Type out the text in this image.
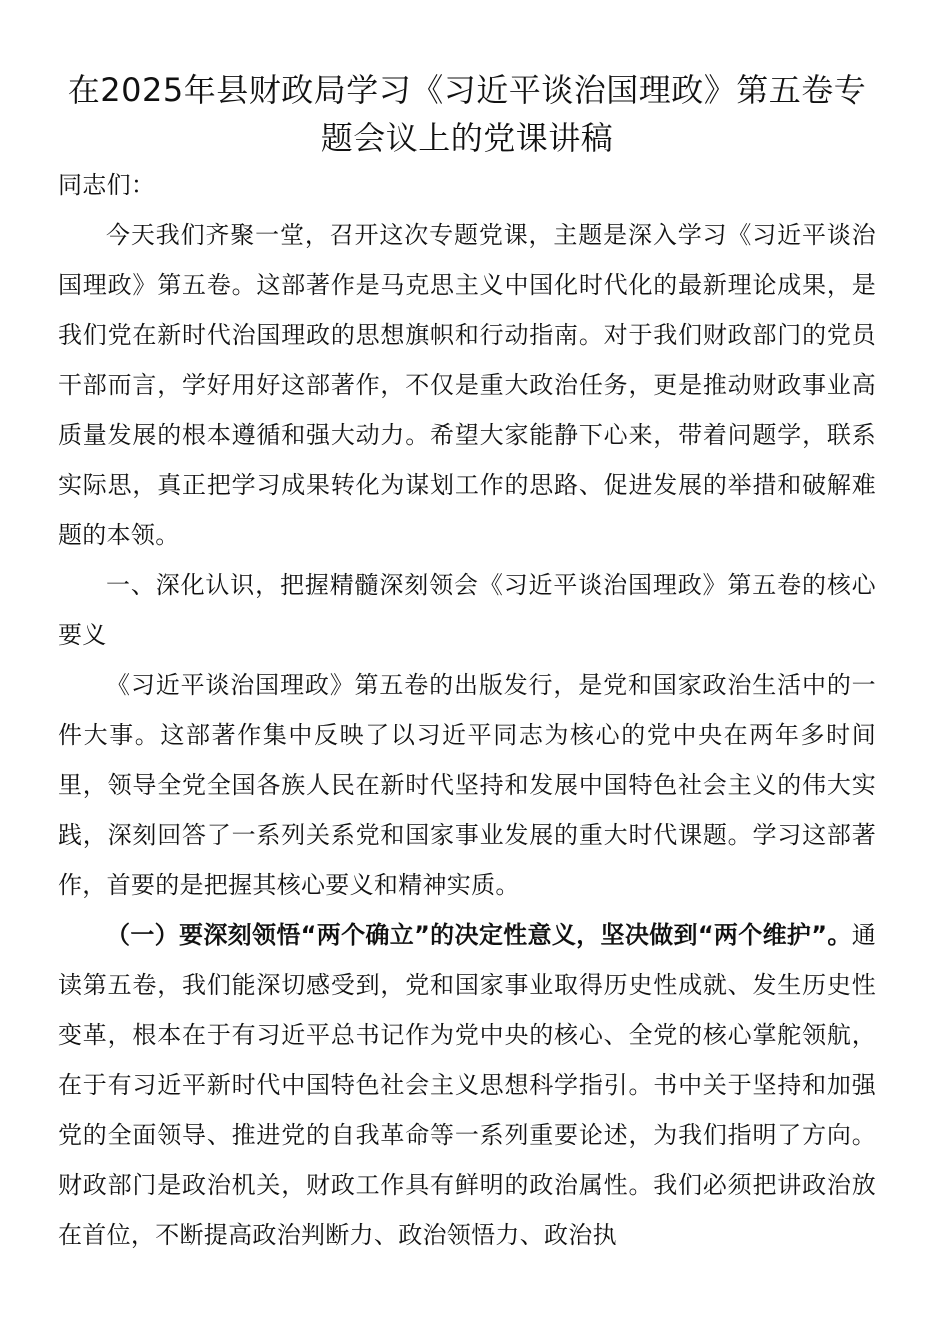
在2025年县财政局学习《习近平谈治国理政》第五卷专题会议上的党课讲稿

同志们：

今天我们齐聚一堂，召开这次专题党课，主题是深入学习《习近平谈治国理政》第五卷。这部著作是马克思主义中国化时代化的最新理论成果，是我们党在新时代治国理政的思想旗帜和行动指南。对于我们财政部门的党员干部而言，学好用好这部著作，不仅是重大政治任务，更是推动财政事业高质量发展的根本遵循和强大动力。希望大家能静下心来，带着问题学，联系实际思，真正把学习成果转化为谋划工作的思路、促进发展的举措和破解难题的本领。

一、深化认识，把握精髓深刻领会《习近平谈治国理政》第五卷的核心要义

《习近平谈治国理政》第五卷的出版发行，是党和国家政治生活中的一件大事。这部著作集中反映了以习近平同志为核心的党中央在两年多时间里，领导全党全国各族人民在新时代坚持和发展中国特色社会主义的伟大实践，深刻回答了一系列关系党和国家事业发展的重大时代课题。学习这部著作，首要的是把握其核心要义和精神实质。

（一）要深刻领悟“两个确立”的决定性意义，坚决做到“两个维护”。通读第五卷，我们能深切感受到，党和国家事业取得历史性成就、发生历史性变革，根本在于有习近平总书记作为党中央的核心、全党的核心掌舵领航，在于有习近平新时代中国特色社会主义思想科学指引。书中关于坚持和加强党的全面领导、推进党的自我革命等一系列重要论述，为我们指明了方向。财政部门是政治机关，财政工作具有鲜明的政治属性。我们必须把讲政治放在首位，不断提高政治判断力、政治领悟力、政治执
